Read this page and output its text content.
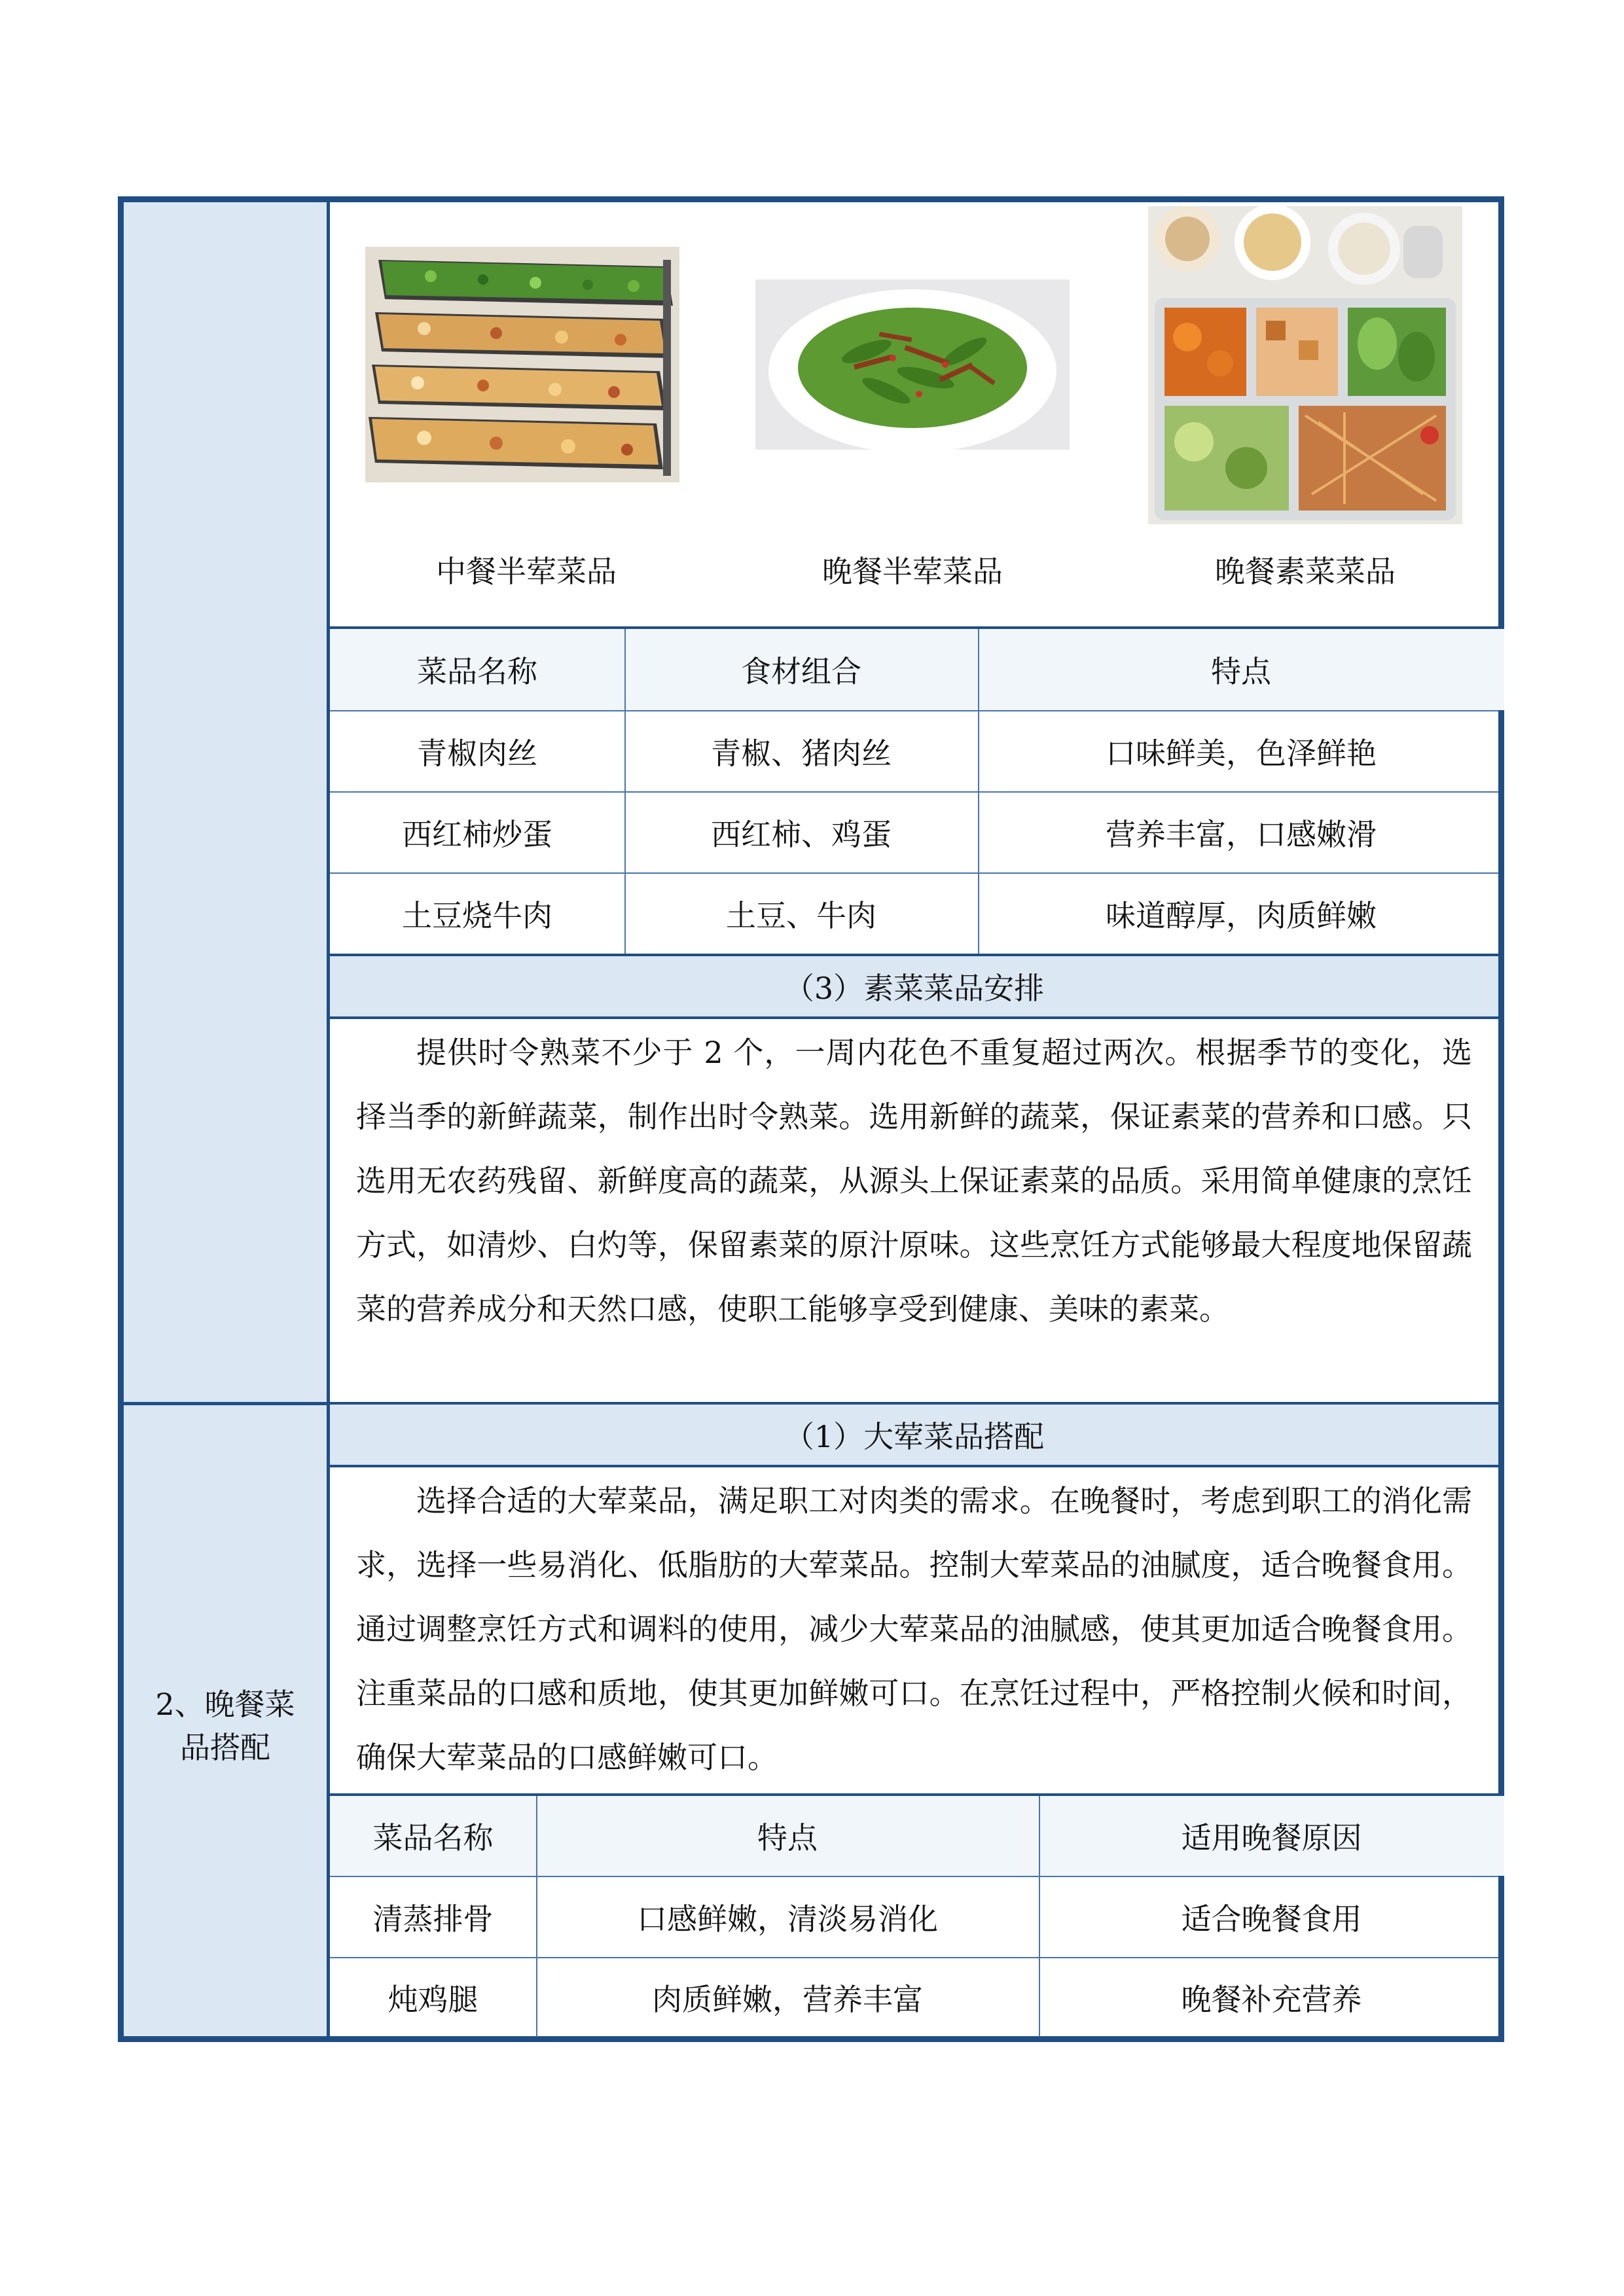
2、晚餐菜
品搭配
中餐半荤菜品	晚餐半荤菜品	晚餐素菜菜品
菜品名称	食材组合	特点
青椒肉丝	青椒、猪肉丝	口味鲜美，色泽鲜艳
西红柿炒蛋	西红柿、鸡蛋	营养丰富，口感嫩滑
土豆烧牛肉	土豆、牛肉	味道醇厚，肉质鲜嫩
（3）素菜菜品安排
提供时令熟菜不少于 2 个，一周内花色不重复超过两次。根据季节的变化，选择当季的新鲜蔬菜，制作出时令熟菜。选用新鲜的蔬菜，保证素菜的营养和口感。只选用无农药残留、新鲜度高的蔬菜，从源头上保证素菜的品质。采用简单健康的烹饪方式，如清炒、白灼等，保留素菜的原汁原味。这些烹饪方式能够最大程度地保留蔬菜的营养成分和天然口感，使职工能够享受到健康、美味的素菜。
（1）大荤菜品搭配
选择合适的大荤菜品，满足职工对肉类的需求。在晚餐时，考虑到职工的消化需求，选择一些易消化、低脂肪的大荤菜品。控制大荤菜品的油腻度，适合晚餐食用。通过调整烹饪方式和调料的使用，减少大荤菜品的油腻感，使其更加适合晚餐食用。注重菜品的口感和质地，使其更加鲜嫩可口。在烹饪过程中，严格控制火候和时间，确保大荤菜品的口感鲜嫩可口。
菜品名称	特点	适用晚餐原因
清蒸排骨	口感鲜嫩，清淡易消化	适合晚餐食用
炖鸡腿	肉质鲜嫩，营养丰富	晚餐补充营养
